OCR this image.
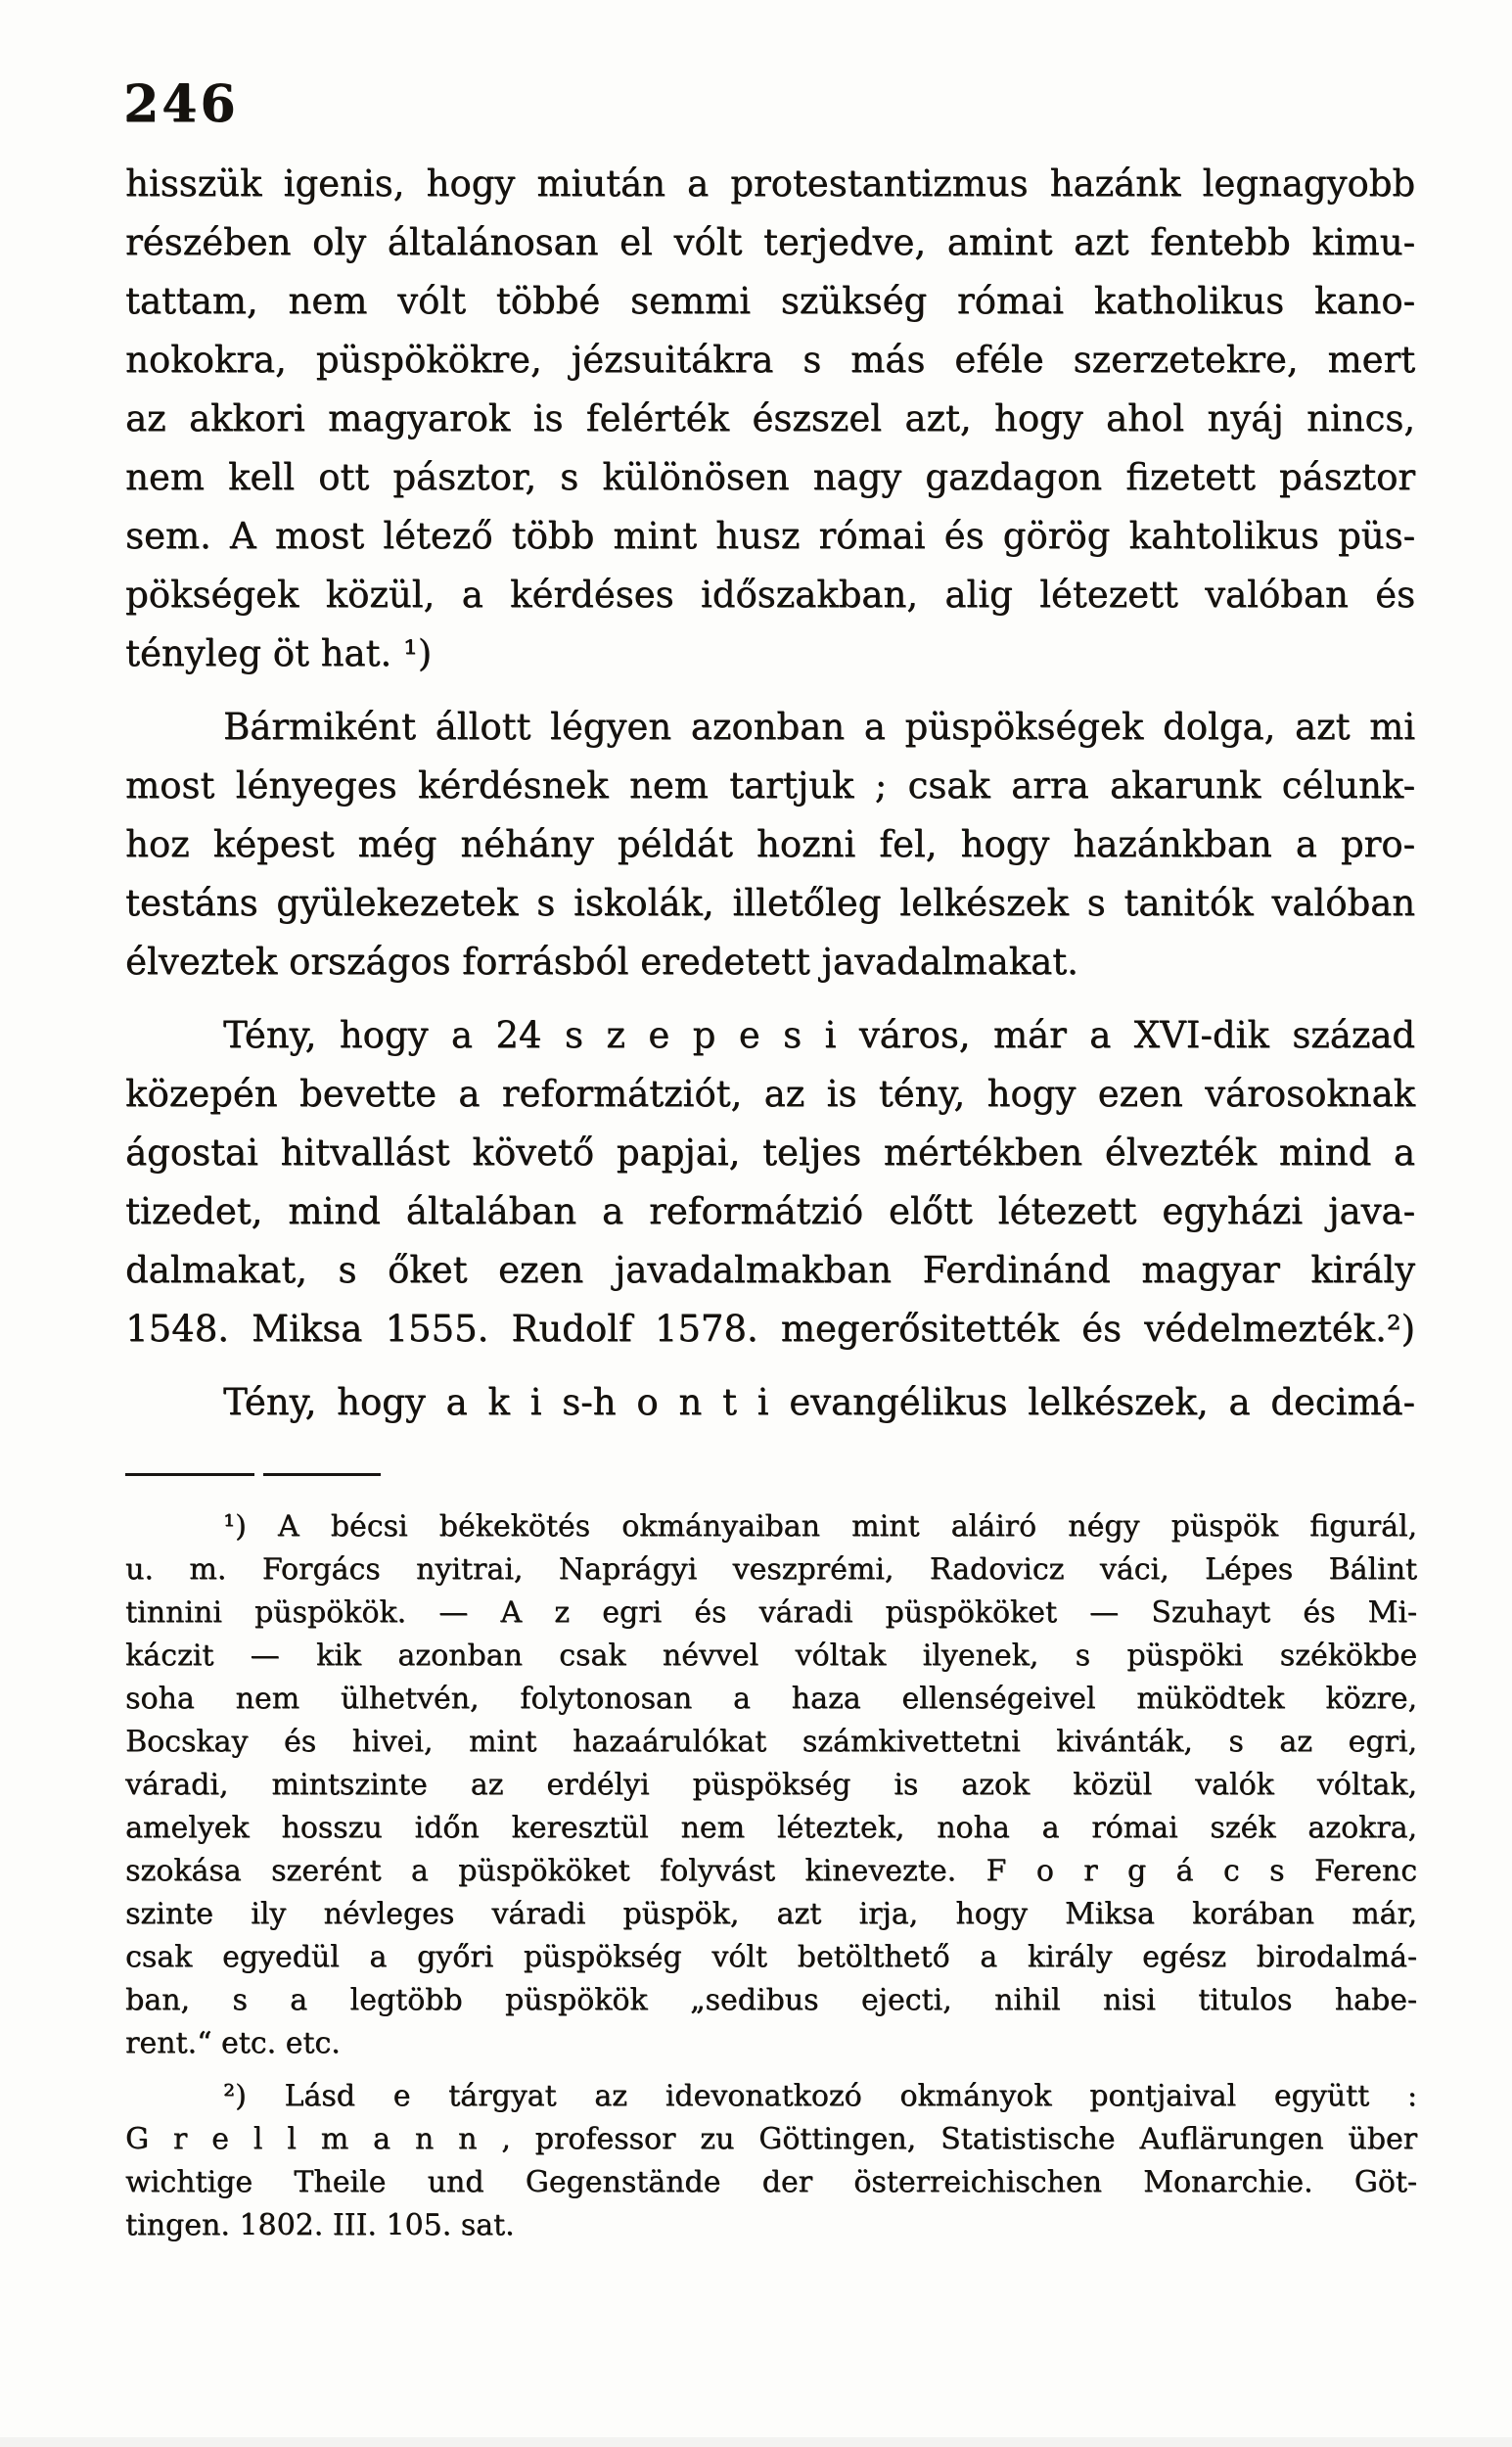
246
hisszük igenis, hogy miután a protestantizmus hazánk legnagyobb
részében oly általánosan el vólt terjedve, amint azt fentebb kimu-
tattam, nem vólt többé semmi szükség római katholikus kano-
nokokra, püspökökre, jézsuitákra s más eféle szerzetekre, mert
az akkori magyarok is felérték észszel azt, hogy ahol nyáj nincs,
nem kell ott pásztor, s különösen nagy gazdagon fizetett pásztor
sem. A most létező több mint husz római és görög kahtolikus püs-
pökségek közül, a kérdéses időszakban, alig létezett valóban és
tényleg öt hat. ¹)
Bármiként állott légyen azonban a püspökségek dolga, azt mi
most lényeges kérdésnek nem tartjuk ; csak arra akarunk célunk-
hoz képest még néhány példát hozni fel, hogy hazánkban a pro-
testáns gyülekezetek s iskolák, illetőleg lelkészek s tanitók valóban
élveztek országos forrásból eredetett javadalmakat.
Tény, hogy a 24 s z e p e s i város, már a XVI-dik század
közepén bevette a reformátziót, az is tény, hogy ezen városoknak
ágostai hitvallást követő papjai, teljes mértékben élvezték mind a
tizedet, mind általában a reformátzió előtt létezett egyházi java-
dalmakat, s őket ezen javadalmakban Ferdinánd magyar király
1548. Miksa 1555. Rudolf 1578. megerősitették és védelmezték.²)
Tény, hogy a k i s-h o n t i evangélikus lelkészek, a decimá-
¹) A bécsi békekötés okmányaiban mint aláiró négy püspök figurál,
u. m. Forgács nyitrai, Naprágyi veszprémi, Radovicz váci, Lépes Bálint
tinnini püspökök. — A z egri és váradi püspököket — Szuhayt és Mi-
káczit — kik azonban csak névvel vóltak ilyenek, s püspöki székökbe
soha nem ülhetvén, folytonosan a haza ellenségeivel müködtek közre,
Bocskay és hivei, mint hazaárulókat számkivettetni kivánták, s az egri,
váradi, mintszinte az erdélyi püspökség is azok közül valók vóltak,
amelyek hosszu időn keresztül nem léteztek, noha a római szék azokra,
szokása szerént a püspököket folyvást kinevezte. F o r g á c s Ferenc
szinte ily névleges váradi püspök, azt irja, hogy Miksa korában már,
csak egyedül a győri püspökség vólt betölthető a király egész birodalmá-
ban, s a legtöbb püspökök „sedibus ejecti, nihil nisi titulos habe-
rent.“ etc. etc.
²) Lásd e tárgyat az idevonatkozó okmányok pontjaival együtt :
G r e l l m a n n , professor zu Göttingen, Statistische Auflärungen über
wichtige Theile und Gegenstände der österreichischen Monarchie. Göt-
tingen. 1802. III. 105. sat.
